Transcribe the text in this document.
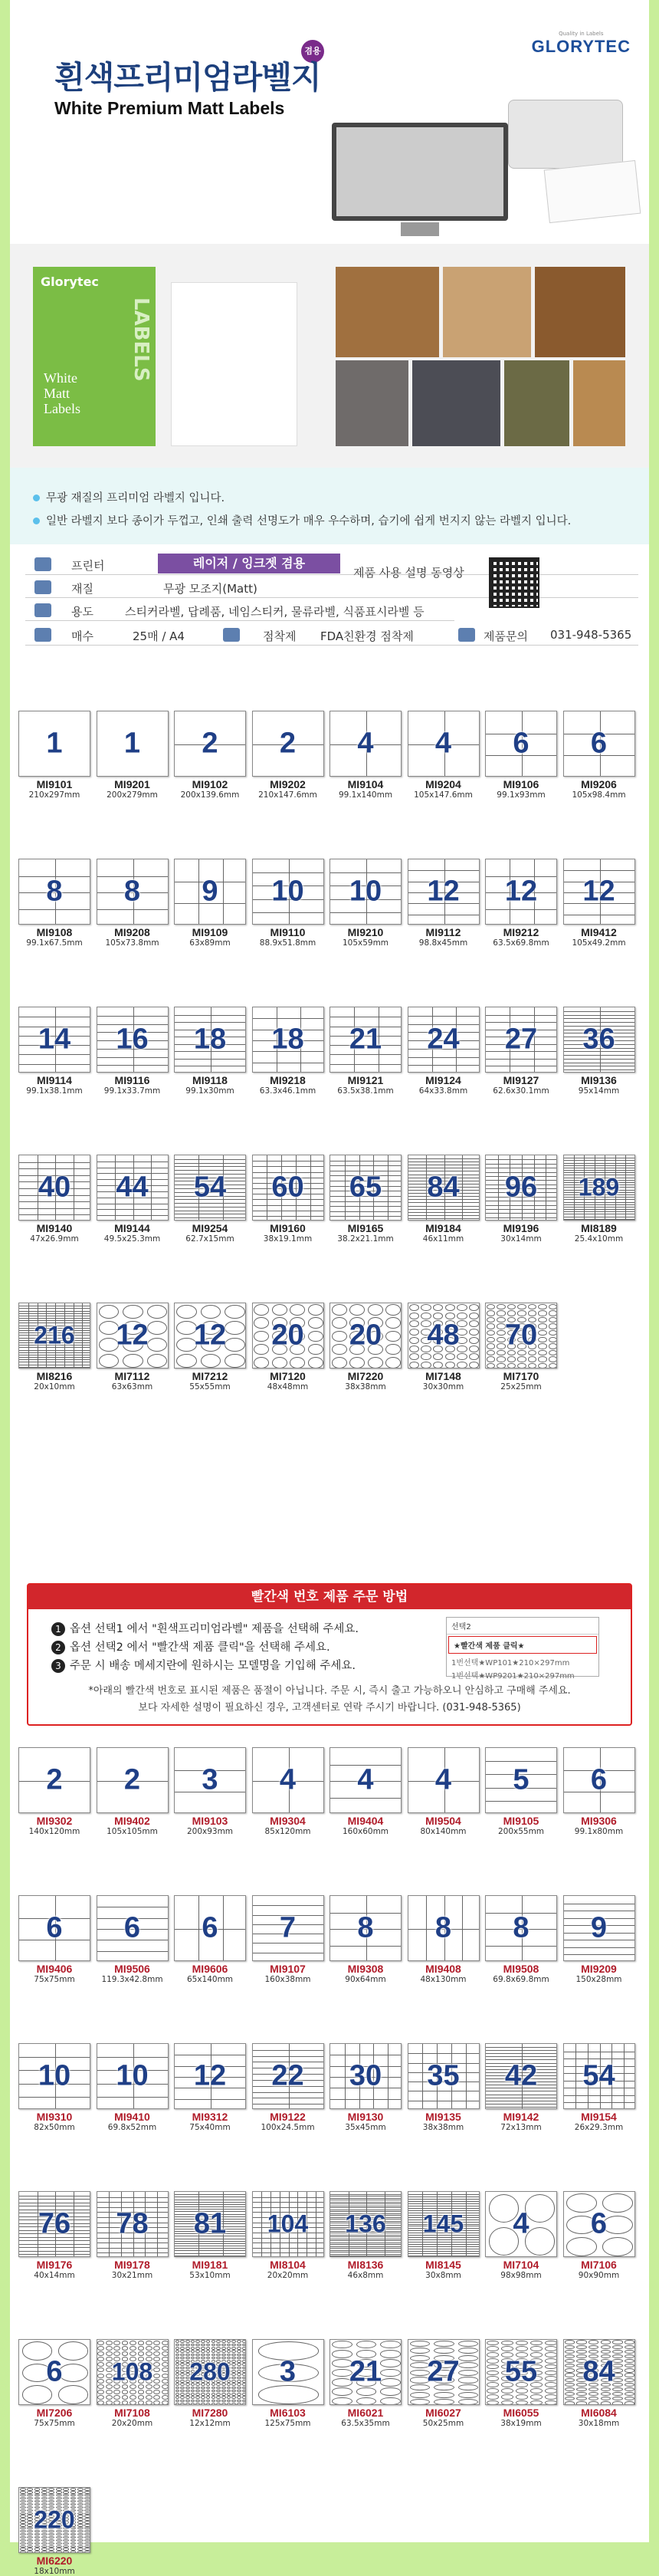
Quality in Labels
GLORYTEC
겸용
흰색프리미엄라벨지
White Premium Matt Labels
Glorytec
White Matt Labels
LABELS

무광 재질의 프리미엄 라벨지 입니다.

일반 라벨지 보다 종이가 두껍고, 인쇄 출력 선명도가 매우 우수하며, 습기에 쉽게 번지지 않는 라벨지 입니다.

프린터	레이저 / 잉크젯 겸용
재질	무광 모조지(Matt)
용도	스티커라벨, 답례품, 네임스티커, 물류라벨, 식품표시라벨 등
제품 사용 설명 동영상
매수	25매 / A4	점착제 FDA친환경 점착제	제품문의 031-948-5365
1
MI9101
210x297mm
1
MI9201
200x279mm
2
MI9102
200x139.6mm
2
MI9202
210x147.6mm
4
MI9104
99.1x140mm
4
MI9204
105x147.6mm
6
MI9106
99.1x93mm
6
MI9206
105x98.4mm
8
MI9108
99.1x67.5mm
8
MI9208
105x73.8mm
9
MI9109
63x89mm
10
MI9110
88.9x51.8mm
10
MI9210
105x59mm
12
MI9112
98.8x45mm
12
MI9212
63.5x69.8mm
12
MI9412
105x49.2mm
14
MI9114
99.1x38.1mm
16
MI9116
99.1x33.7mm
18
MI9118
99.1x30mm
18
MI9218
63.3x46.1mm
21
MI9121
63.5x38.1mm
24
MI9124
64x33.8mm
27
MI9127
62.6x30.1mm
36
MI9136
95x14mm
40
MI9140
47x26.9mm
44
MI9144
49.5x25.3mm
54
MI9254
62.7x15mm
60
MI9160
38x19.1mm
65
MI9165
38.2x21.1mm
84
MI9184
46x11mm
96
MI9196
30x14mm
189
MI8189
25.4x10mm
216
MI8216
20x10mm
12
MI7112
63x63mm
12
MI7212
55x55mm
20
MI7120
48x48mm
20
MI7220
38x38mm
48
MI7148
30x30mm
70
MI7170
25x25mm
빨간색 번호 제품 주문 방법
1 옵션 선택1 에서 "흰색프리미엄라벨" 제품을 선택해 주세요.
2 옵션 선택2 에서 "빨간색 제품 클릭"을 선택해 주세요.
3 주문 시 배송 메세지란에 원하시는 모델명을 기입해 주세요.
선택2
★빨간색 제품 클릭★
1번선택★WP101★210×297mm
1번선택★WP9201★210×297mm
*아래의 빨간색 번호로 표시된 제품은 품절이 아닙니다. 주문 시, 즉시 출고 가능하오니 안심하고 구매해 주세요.
보다 자세한 설명이 필요하신 경우, 고객센터로 연락 주시기 바랍니다. (031-948-5365)
2
MI9302
140x120mm
2
MI9402
105x105mm
3
MI9103
200x93mm
4
MI9304
85x120mm
4
MI9404
160x60mm
4
MI9504
80x140mm
5
MI9105
200x55mm
6
MI9306
99.1x80mm
6
MI9406
75x75mm
6
MI9506
119.3x42.8mm
6
MI9606
65x140mm
7
MI9107
160x38mm
8
MI9308
90x64mm
8
MI9408
48x130mm
8
MI9508
69.8x69.8mm
9
MI9209
150x28mm
10
MI9310
82x50mm
10
MI9410
69.8x52mm
12
MI9312
75x40mm
22
MI9122
100x24.5mm
30
MI9130
35x45mm
35
MI9135
38x38mm
42
MI9142
72x13mm
54
MI9154
26x29.3mm
76
MI9176
40x14mm
78
MI9178
30x21mm
81
MI9181
53x10mm
104
MI8104
20x20mm
136
MI8136
46x8mm
145
MI8145
30x8mm
4
MI7104
98x98mm
6
MI7106
90x90mm
6
MI7206
75x75mm
108
MI7108
20x20mm
280
MI7280
12x12mm
3
MI6103
125x75mm
21
MI6021
63.5x35mm
27
MI6027
50x25mm
55
MI6055
38x19mm
84
MI6084
30x18mm
220
MI6220
18x10mm
